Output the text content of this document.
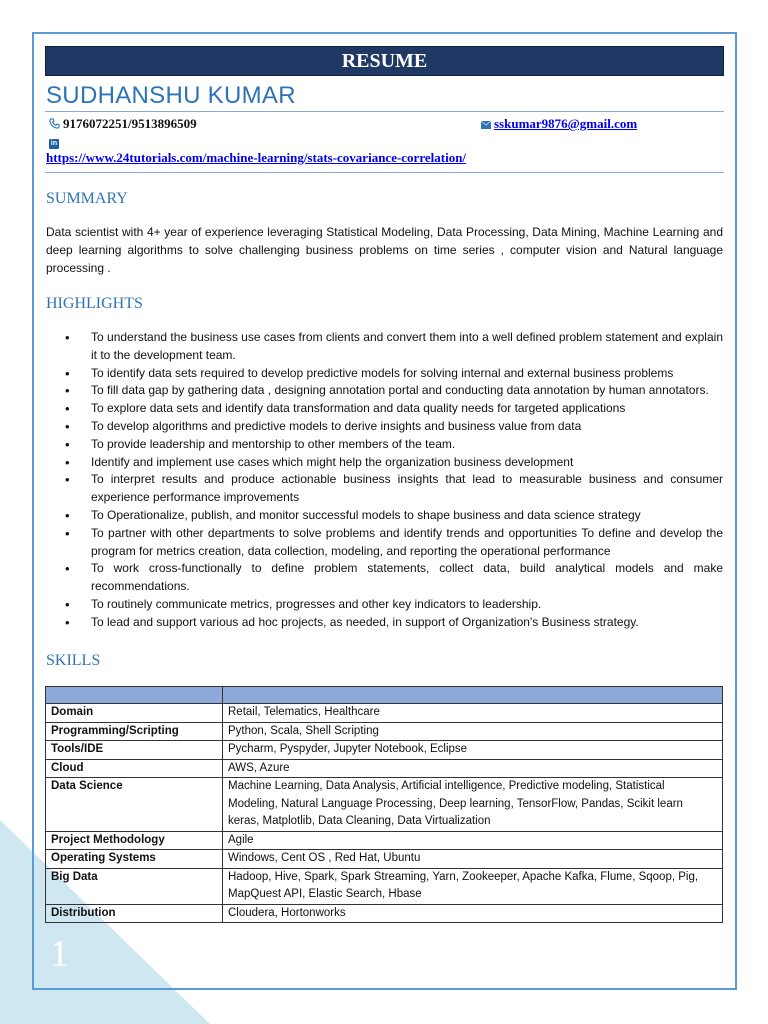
1
RESUME
SUDHANSHU KUMAR
9176072251/9513896509	sskumar9876@gmail.com
in
https://www.24tutorials.com/machine-learning/stats-covariance-correlation/
SUMMARY
Data scientist with 4+ year of experience leveraging Statistical Modeling, Data Processing, Data Mining, Machine Learning and deep learning algorithms to solve challenging business problems on time series , computer vision and Natural language processing .
HIGHLIGHTS
• To understand the business use cases from clients and convert them into a well defined problem statement and explain it to the development team.
• To identify data sets required to develop predictive models for solving internal and external business problems
• To fill data gap by gathering data , designing annotation portal and conducting data annotation by human annotators.
• To explore data sets and identify data transformation and data quality needs for targeted applications
• To develop algorithms and predictive models to derive insights and business value from data
• To provide leadership and mentorship to other members of the team.
• Identify and implement use cases which might help the organization business development
• To interpret results and produce actionable business insights that lead to measurable business and consumer experience performance improvements
• To Operationalize, publish, and monitor successful models to shape business and data science strategy
• To partner with other departments to solve problems and identify trends and opportunities To define and develop the program for metrics creation, data collection, modeling, and reporting the operational performance
• To work cross-functionally to define problem statements, collect data, build analytical models and make recommendations.
• To routinely communicate metrics, progresses and other key indicators to leadership.
• To lead and support various ad hoc projects, as needed, in support of Organization's Business strategy.
SKILLS

Domain	Retail, Telematics, Healthcare
Programming/Scripting	Python, Scala, Shell Scripting
Tools/IDE	Pycharm, Pyspyder, Jupyter Notebook, Eclipse
Cloud	AWS, Azure
Data Science	Machine Learning, Data Analysis, Artificial intelligence, Predictive modeling, Statistical Modeling, Natural Language Processing, Deep learning, TensorFlow, Pandas, Scikit learn keras, Matplotlib, Data Cleaning, Data Virtualization
Project Methodology	Agile
Operating Systems	Windows, Cent OS , Red Hat, Ubuntu
Big Data	Hadoop, Hive, Spark, Spark Streaming, Yarn, Zookeeper, Apache Kafka, Flume, Sqoop, Pig, MapQuest API, Elastic Search, Hbase
Distribution	Cloudera, Hortonworks
